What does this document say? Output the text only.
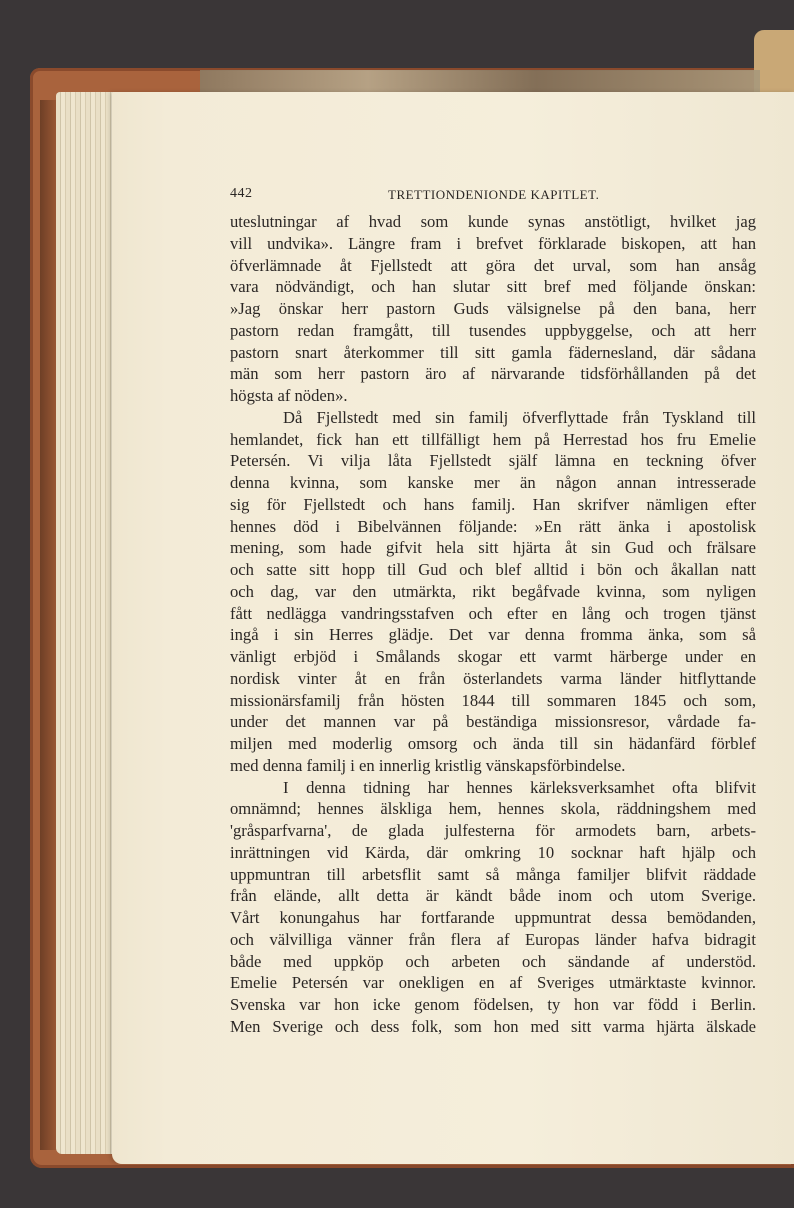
442	TRETTIONDENIONDE KAPITLET.
uteslutningar af hvad som kunde synas anstötligt, hvilket jag
vill undvika». Längre fram i brefvet förklarade biskopen, att han
öfverlämnade åt Fjellstedt att göra det urval, som han ansåg
vara nödvändigt, och han slutar sitt bref med följande önskan:
»Jag önskar herr pastorn Guds välsignelse på den bana, herr
pastorn redan framgått, till tusendes uppbyggelse, och att herr
pastorn snart återkommer till sitt gamla fädernesland, där sådana
män som herr pastorn äro af närvarande tidsförhållanden på det
högsta af nöden».
Då Fjellstedt med sin familj öfverflyttade från Tyskland till
hemlandet, fick han ett tillfälligt hem på Herrestad hos fru Emelie
Petersén. Vi vilja låta Fjellstedt själf lämna en teckning öfver
denna kvinna, som kanske mer än någon annan intresserade
sig för Fjellstedt och hans familj. Han skrifver nämligen efter
hennes död i Bibelvännen följande: »En rätt änka i apostolisk
mening, som hade gifvit hela sitt hjärta åt sin Gud och frälsare
och satte sitt hopp till Gud och blef alltid i bön och åkallan natt
och dag, var den utmärkta, rikt begåfvade kvinna, som nyligen
fått nedlägga vandringsstafven och efter en lång och trogen tjänst
ingå i sin Herres glädje. Det var denna fromma änka, som så
vänligt erbjöd i Smålands skogar ett varmt härberge under en
nordisk vinter åt en från österlandets varma länder hitflyttande
missionärsfamilj från hösten 1844 till sommaren 1845 och som,
under det mannen var på beständiga missionsresor, vårdade fa-
miljen med moderlig omsorg och ända till sin hädanfärd förblef
med denna familj i en innerlig kristlig vänskapsförbindelse.
I denna tidning har hennes kärleksverksamhet ofta blifvit
omnämnd; hennes älskliga hem, hennes skola, räddningshem med
'gråsparfvarna', de glada julfesterna för armodets barn, arbets-
inrättningen vid Kärda, där omkring 10 socknar haft hjälp och
uppmuntran till arbetsflit samt så många familjer blifvit räddade
från elände, allt detta är kändt både inom och utom Sverige.
Vårt konungahus har fortfarande uppmuntrat dessa bemödanden,
och välvilliga vänner från flera af Europas länder hafva bidragit
både med uppköp och arbeten och sändande af understöd.
Emelie Petersén var onekligen en af Sveriges utmärktaste kvinnor.
Svenska var hon icke genom födelsen, ty hon var född i Berlin.
Men Sverige och dess folk, som hon med sitt varma hjärta älskade
